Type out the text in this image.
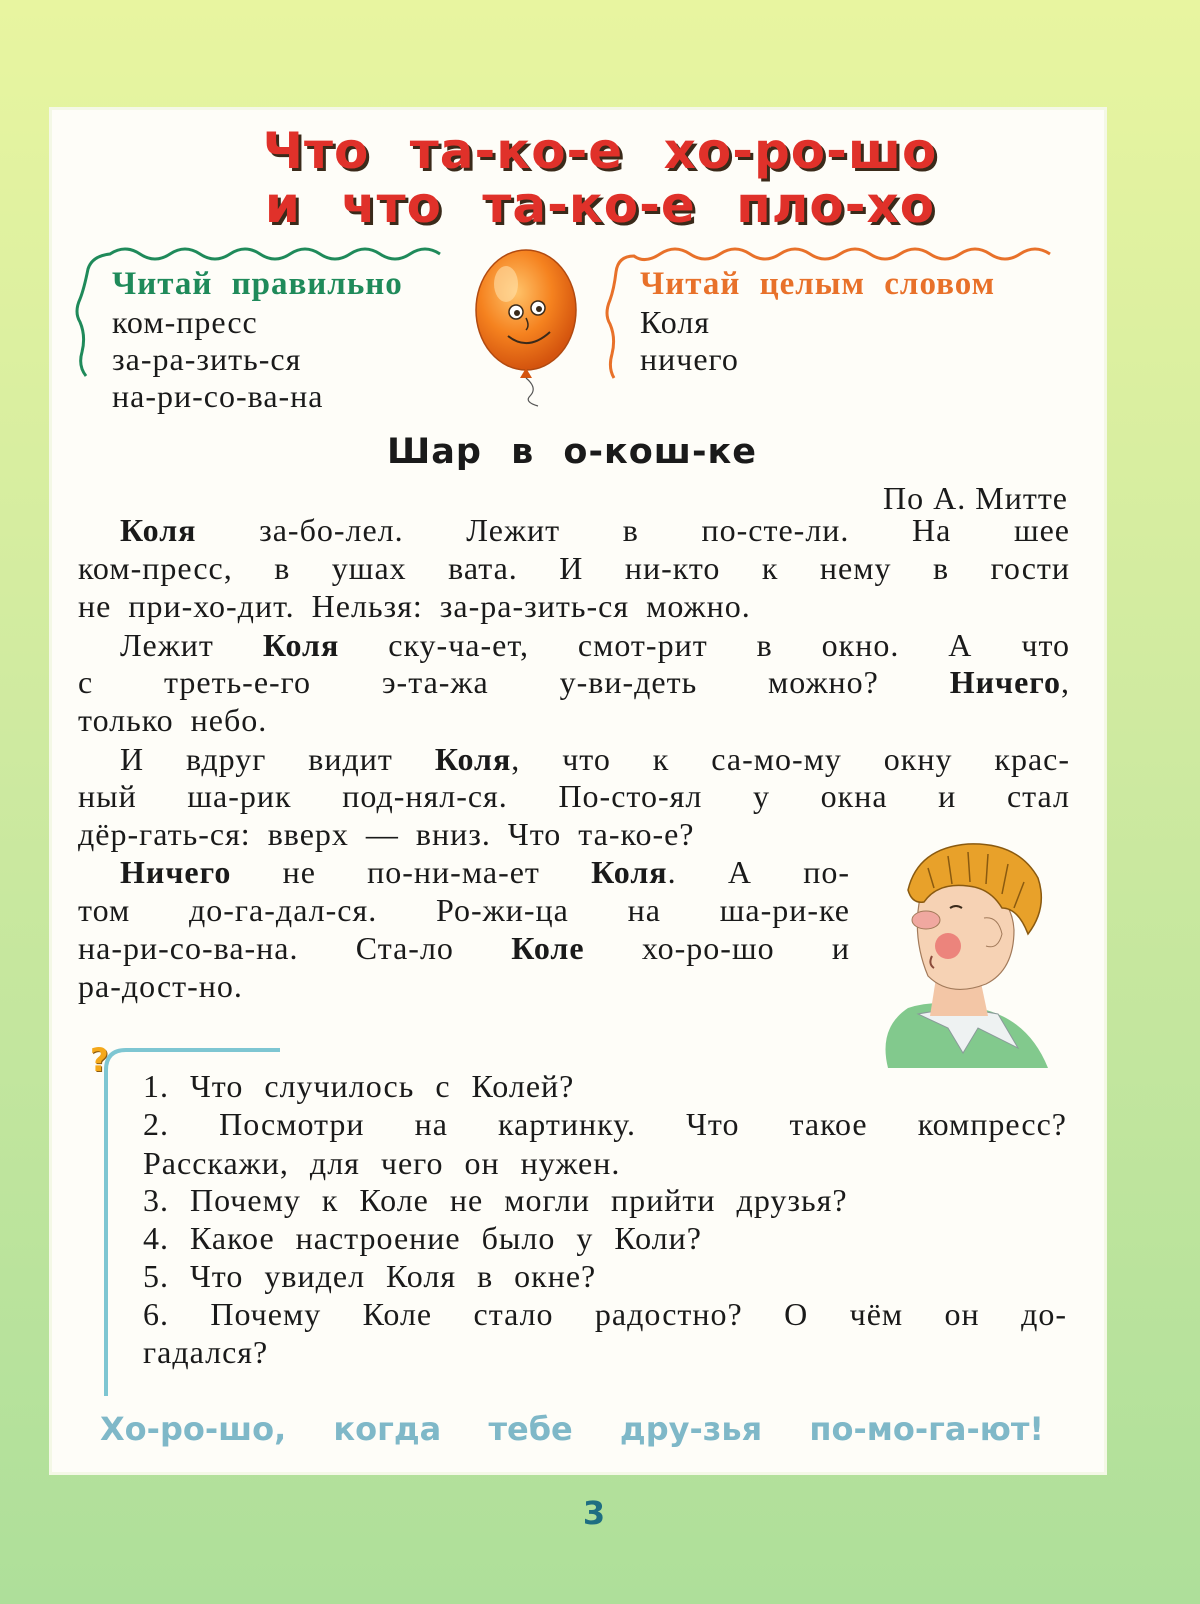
Что та-ко-е хо-ро-шо
и что та-ко-е пло-хо
Читай правильно
ком-пресс
за-ра-зить-ся
на-ри-со-ва-на
Читай целым словом
Коля
ничего
Шар в о-кош-ке
По А. Митте
Коля за-бо-лел. Лежит в по-сте-ли. На шее
ком-пресс, в ушах вата. И ни-кто к нему в гости
не при-хо-дит. Нельзя: за-ра-зить-ся можно.
Лежит Коля ску-ча-ет, смот-рит в окно. А что
с треть-е-го э-та-жа у-ви-деть можно? Ничего,
только небо.
И вдруг видит Коля, что к са-мо-му окну крас-
ный ша-рик под-нял-ся. По-сто-ял у окна и стал
дёр-гать-ся: вверх — вниз. Что та-ко-е?
Ничего не по-ни-ма-ет Коля. А по-
том до-га-дал-ся. Ро-жи-ца на ша-ри-ке
на-ри-со-ва-на. Ста-ло Коле хо-ро-шо и
ра-дост-но.
?
1. Что случилось с Колей?
2. Посмотри на картинку. Что такое компресс?
Расскажи, для чего он нужен.
3. Почему к Коле не могли прийти друзья?
4. Какое настроение было у Коли?
5. Что увидел Коля в окне?
6. Почему Коле стало радостно? О чём он до-
гадался?
Хо-ро-шо, когда тебе дру-зья по-мо-га-ют!
3
